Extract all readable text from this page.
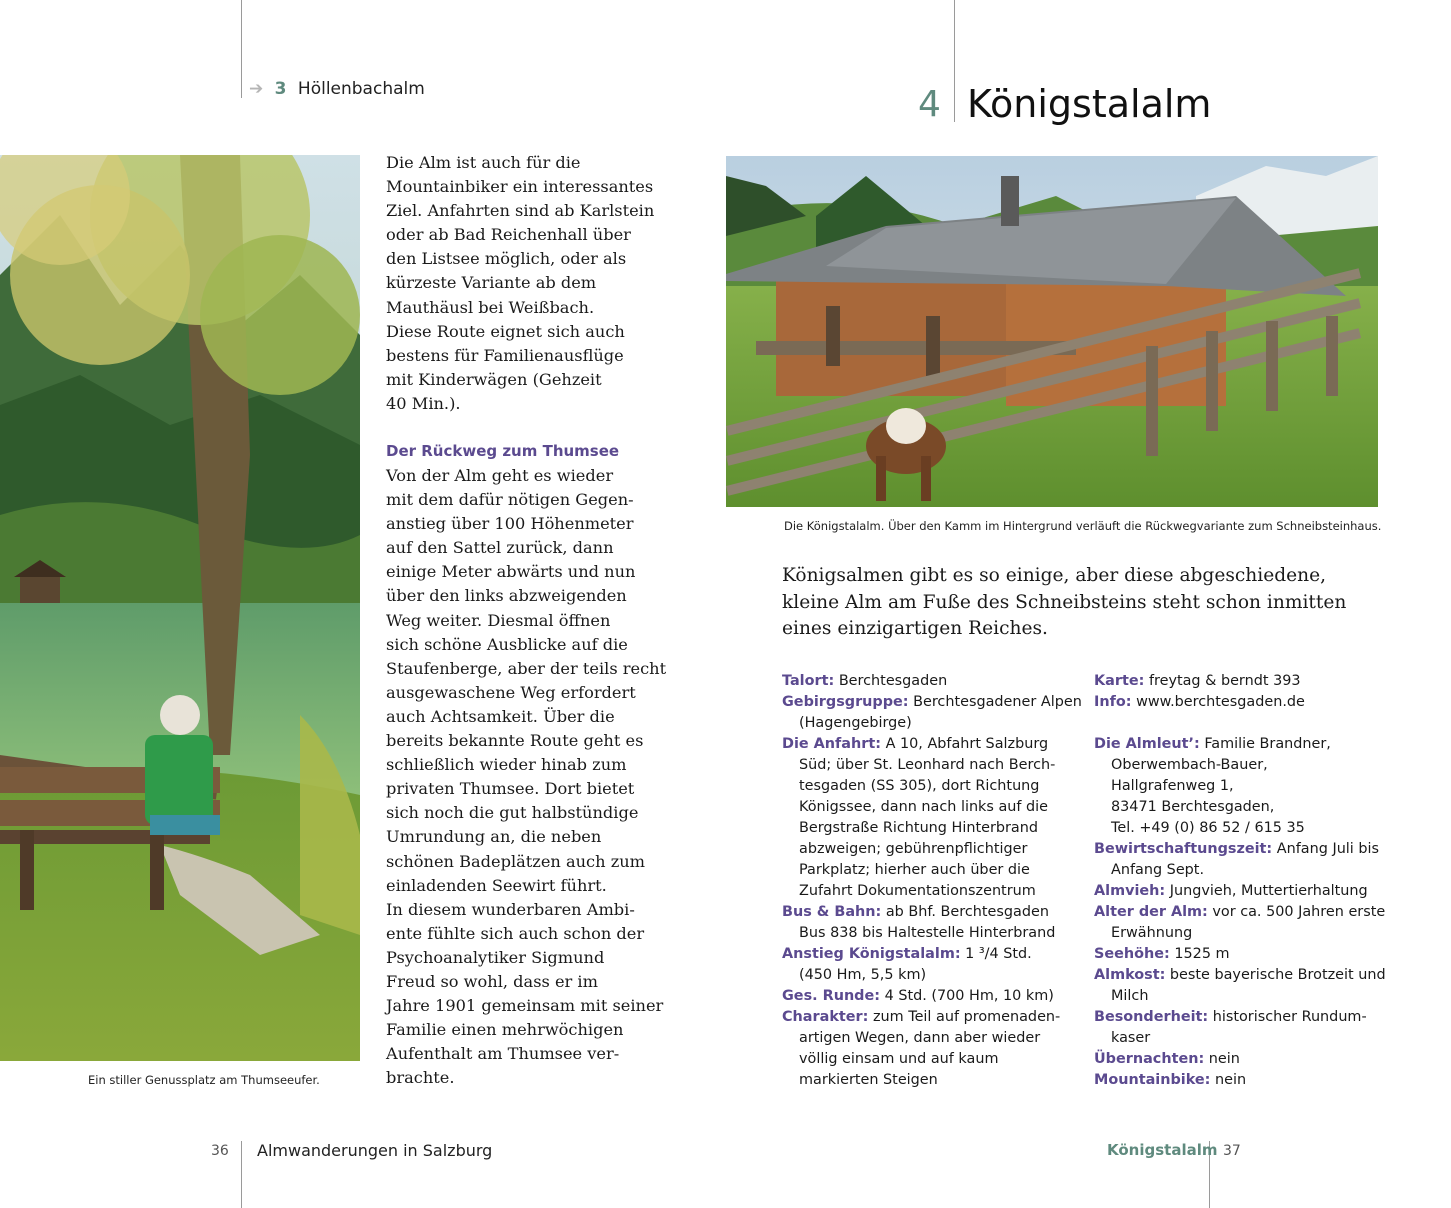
➔ 3 Höllenbachalm
Ein stiller Genussplatz am Thumseeufer.
Die Alm ist auch für die
Mountainbiker ein interessantes
Ziel. Anfahrten sind ab Karlstein
oder ab Bad Reichenhall über
den Listsee möglich, oder als
kürzeste Variante ab dem
Mauthäusl bei Weißbach.
Diese Route eignet sich auch
bestens für Familienausflüge
mit Kinderwägen (Gehzeit
40 Min.).
Der Rückweg zum Thumsee
Von der Alm geht es wieder
mit dem dafür nötigen Gegen-
anstieg über 100 Höhenmeter
auf den Sattel zurück, dann
einige Meter abwärts und nun
über den links abzweigenden
Weg weiter. Diesmal öffnen
sich schöne Ausblicke auf die
Staufenberge, aber der teils recht
ausgewaschene Weg erfordert
auch Achtsamkeit. Über die
bereits bekannte Route geht es
schließlich wieder hinab zum
privaten Thumsee. Dort bietet
sich noch die gut halbstündige
Umrundung an, die neben
schönen Badeplätzen auch zum
einladenden Seewirt führt.
In diesem wunderbaren Ambi-
ente fühlte sich auch schon der
Psychoanalytiker Sigmund
Freud so wohl, dass er im
Jahre 1901 gemeinsam mit seiner
Familie einen mehrwöchigen
Aufenthalt am Thumsee ver-
brachte.
36 Almwanderungen in Salzburg
4 Königstalalm
Die Königstalalm. Über den Kamm im Hintergrund verläuft die Rückwegvariante zum Schneibsteinhaus.
Königsalmen gibt es so einige, aber diese abgeschiedene,
kleine Alm am Fuße des Schneibsteins steht schon inmitten
eines einzigartigen Reiches.
Talort: Berchtesgaden
Gebirgsgruppe: Berchtesgadener Alpen
(Hagengebirge)
Die Anfahrt: A 10, Abfahrt Salzburg
Süd; über St. Leonhard nach Berch-
tesgaden (SS 305), dort Richtung
Königssee, dann nach links auf die
Bergstraße Richtung Hinterbrand
abzweigen; gebührenpflichtiger
Parkplatz; hierher auch über die
Zufahrt Dokumentationszentrum
Bus & Bahn: ab Bhf. Berchtesgaden
Bus 838 bis Haltestelle Hinterbrand
Anstieg Königstalalm: 1 ³/4 Std.
(450 Hm, 5,5 km)
Ges. Runde: 4 Std. (700 Hm, 10 km)
Charakter: zum Teil auf promenaden-
artigen Wegen, dann aber wieder
völlig einsam und auf kaum
markierten Steigen
Karte: freytag & berndt 393
Info: www.berchtesgaden.de
Die Almleut’: Familie Brandner,
Oberwembach-Bauer,
Hallgrafenweg 1,
83471 Berchtesgaden,
Tel. +49 (0) 86 52 / 615 35
Bewirtschaftungszeit: Anfang Juli bis
Anfang Sept.
Almvieh: Jungvieh, Muttertierhaltung
Alter der Alm: vor ca. 500 Jahren erste
Erwähnung
Seehöhe: 1525 m
Almkost: beste bayerische Brotzeit und
Milch
Besonderheit: historischer Rundum-
kaser
Übernachten: nein
Mountainbike: nein
Königstalalm 37
